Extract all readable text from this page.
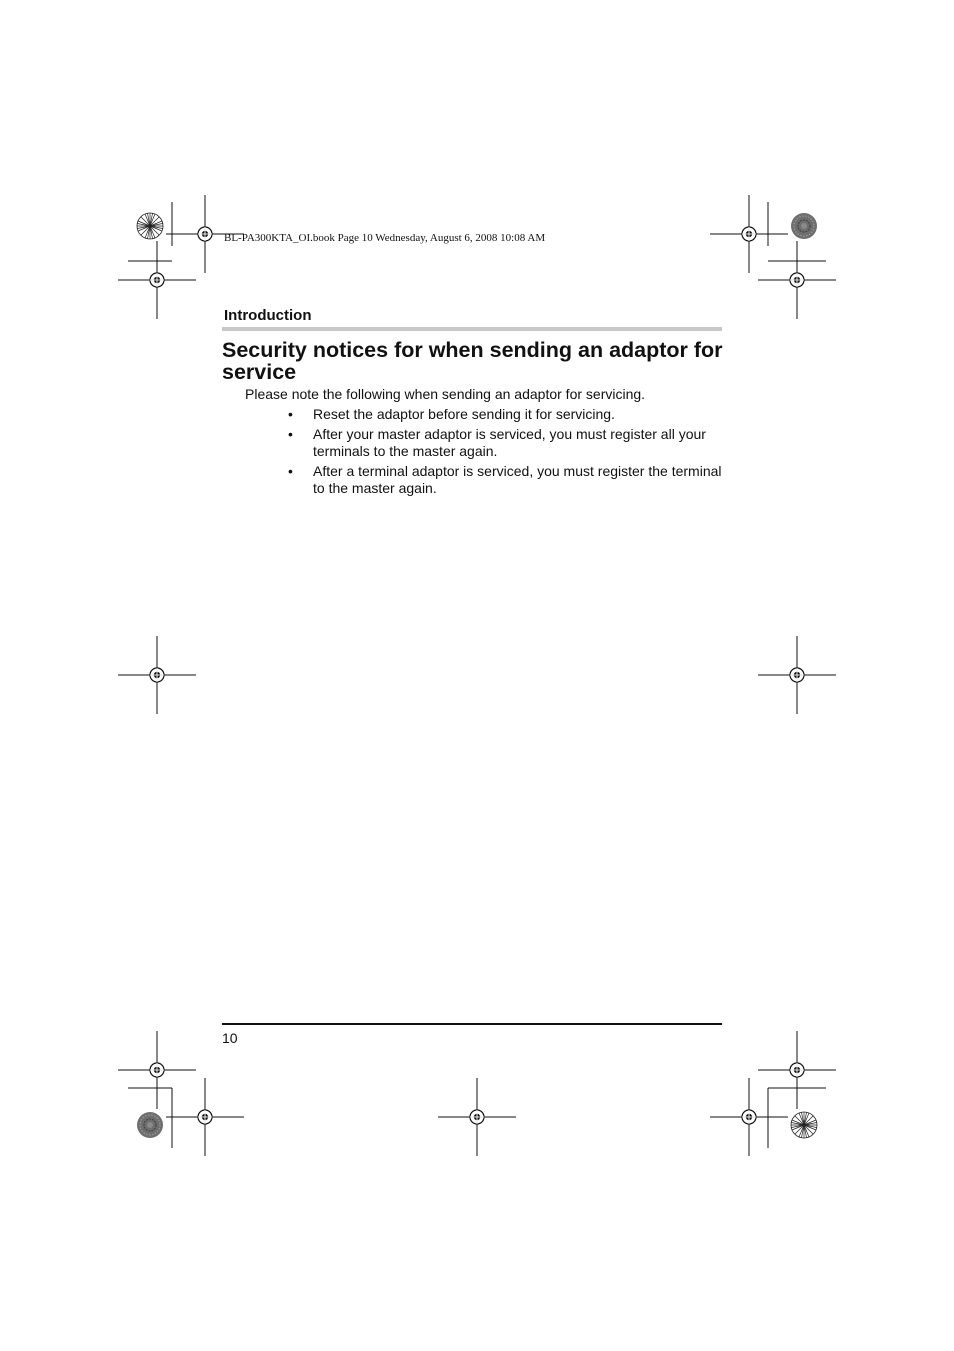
BL-PA300KTA_OI.book Page 10 Wednesday, August 6, 2008 10:08 AM
Introduction
Security notices for when sending an adaptor for service
Please note the following when sending an adaptor for servicing.
• Reset the adaptor before sending it for servicing.
• After your master adaptor is serviced, you must register all your terminals to the master again.
• After a terminal adaptor is serviced, you must register the terminal to the master again.
10
